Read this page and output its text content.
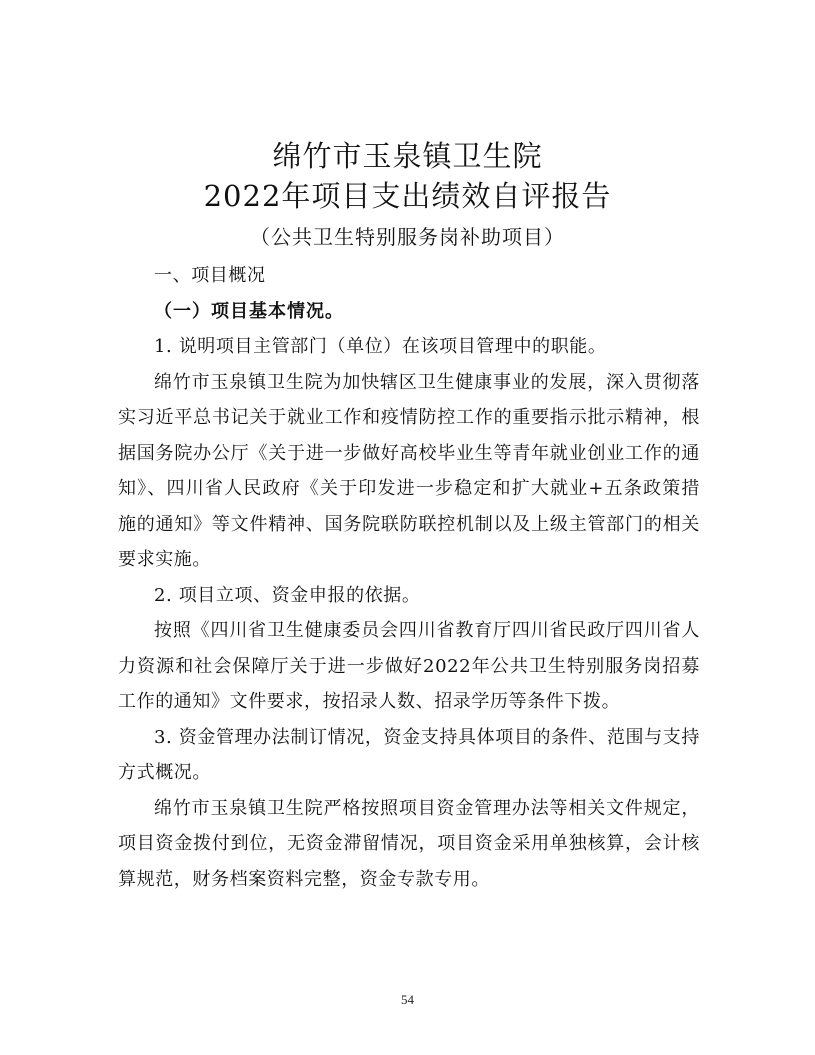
绵竹市玉泉镇卫生院
2022年项目支出绩效自评报告
（公共卫生特别服务岗补助项目）

一、项目概况

（一）项目基本情况。

1. 说明项目主管部门（单位）在该项目管理中的职能。

绵竹市玉泉镇卫生院为加快辖区卫生健康事业的发展，深入贯彻落实习近平总书记关于就业工作和疫情防控工作的重要指示批示精神，根据国务院办公厅《关于进一步做好高校毕业生等青年就业创业工作的通知》、四川省人民政府《关于印发进一步稳定和扩大就业+五条政策措施的通知》等文件精神、国务院联防联控机制以及上级主管部门的相关要求实施。

2. 项目立项、资金申报的依据。

按照《四川省卫生健康委员会四川省教育厅四川省民政厅四川省人力资源和社会保障厅关于进一步做好2022年公共卫生特别服务岗招募工作的通知》文件要求，按招录人数、招录学历等条件下拨。

3. 资金管理办法制订情况，资金支持具体项目的条件、范围与支持方式概况。

绵竹市玉泉镇卫生院严格按照项目资金管理办法等相关文件规定，项目资金拨付到位，无资金滞留情况，项目资金采用单独核算，会计核算规范，财务档案资料完整，资金专款专用。

54
